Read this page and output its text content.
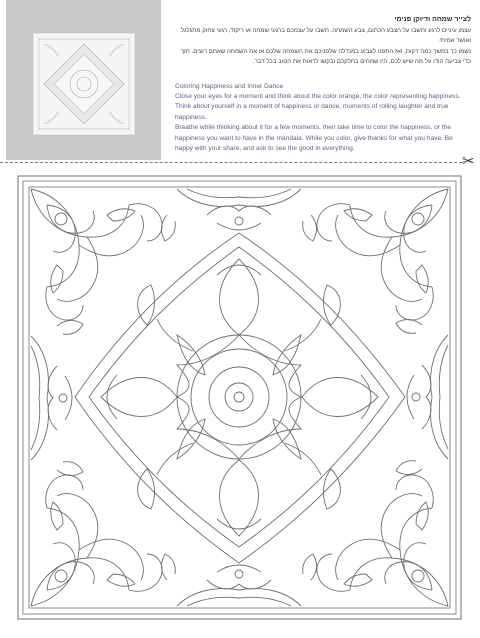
לצייר שמחה ודיוקן פנימי

עצמו עיניים לרגע וחשבו על הצבע הכתום, צבע השמחה. חשבו על עצמכם ברגעי שמחה או ריקוד, רגעי צחוק מתגלגל ואושר אמיתי.

נשמו כך במשך כמה דקות, ואז התפנו לצבוע במנדלה שלפניכם את השמחה שלכם או את השמחה שאתם רוצים. תוך כדי צביעה הודו על מה שיש לכם, היו שמחים בחלקכם ובקשו לראות את הטוב בכל דבר.

Coloring Happiness and Inner Dance

Close your eyes for a moment and think about the color orange, the color representing happiness. Think about yourself in a moment of happiness or dance, moments of rolling laughter and true happiness.

Breathe while thinking about it for a few moments, then take time to color the happiness, or the happiness you want to have in the mandala. While you color, give thanks for what you have. Be happy with your share, and ask to see the good in everything.

✂
